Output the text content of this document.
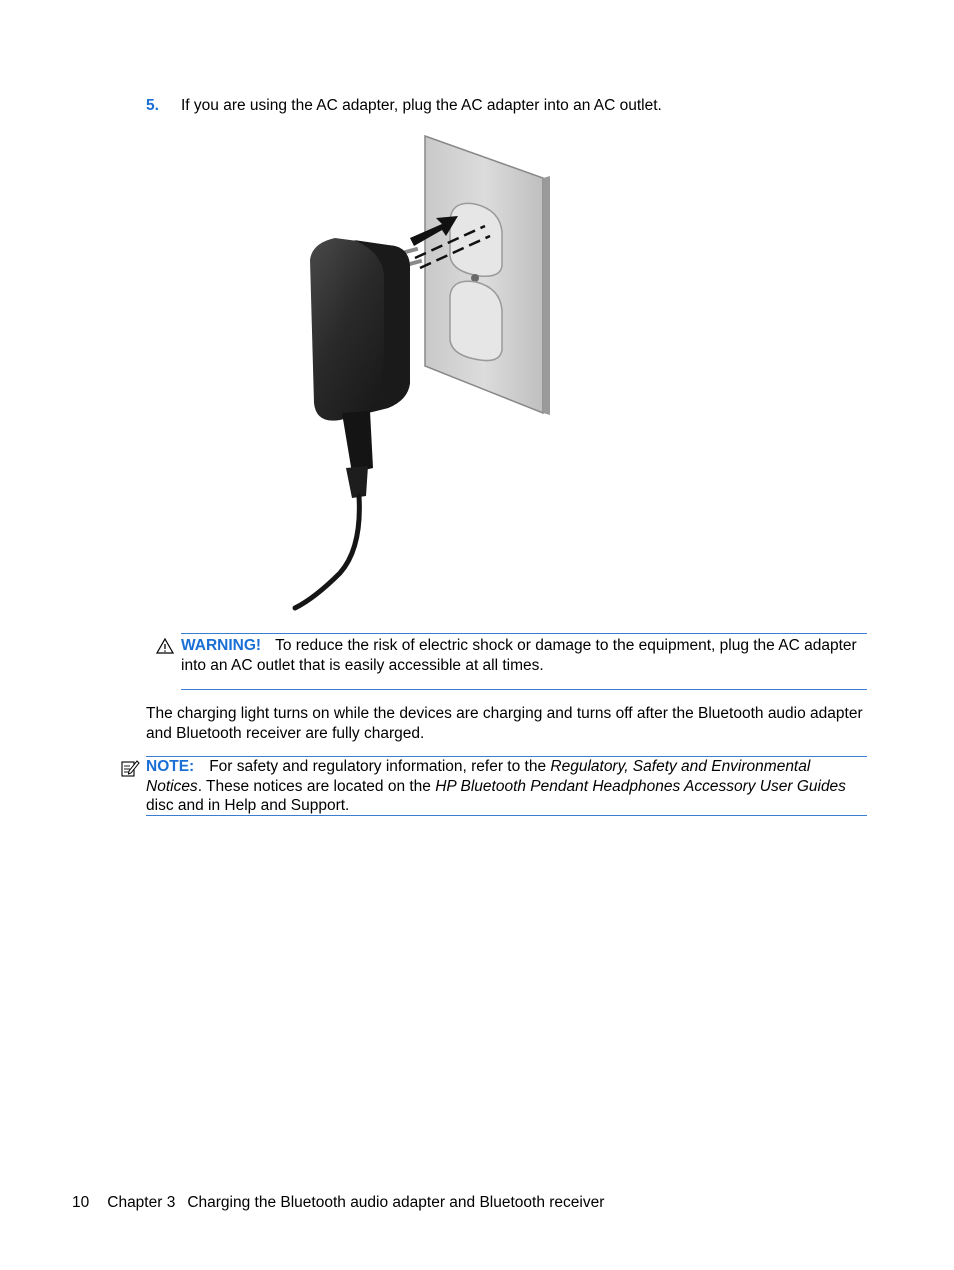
5. If you are using the AC adapter, plug the AC adapter into an AC outlet.
WARNING! To reduce the risk of electric shock or damage to the equipment, plug the AC adapter into an AC outlet that is easily accessible at all times.
The charging light turns on while the devices are charging and turns off after the Bluetooth audio adapter and Bluetooth receiver are fully charged.
NOTE: For safety and regulatory information, refer to the Regulatory, Safety and Environmental Notices. These notices are located on the HP Bluetooth Pendant Headphones Accessory User Guides disc and in Help and Support.
10 Chapter 3 Charging the Bluetooth audio adapter and Bluetooth receiver
